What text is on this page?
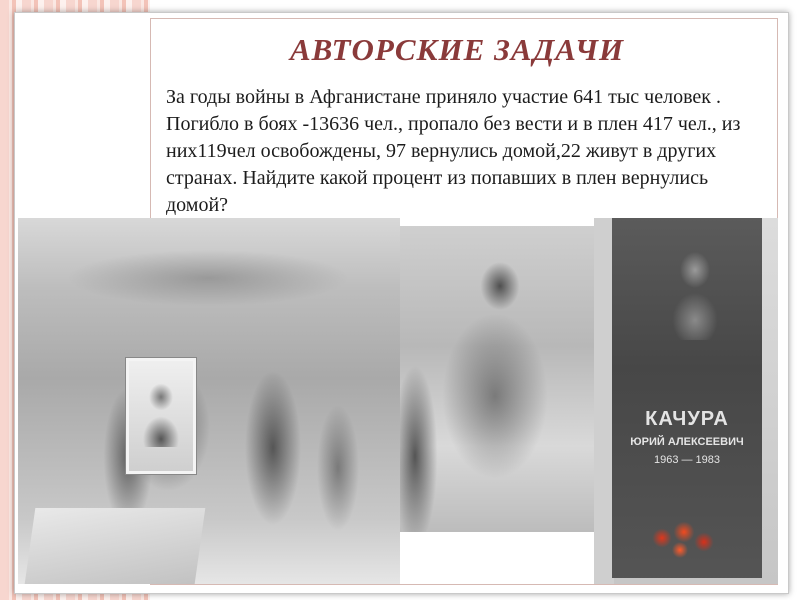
АВТОРСКИЕ ЗАДАЧИ
За годы войны в Афганистане приняло участие 641 тыс человек . Погибло в боях -13636 чел., пропало без вести и в плен 417 чел., из них119чел освобождены, 97 вернулись домой,22 живут в других странах. Найдите какой процент из попавших в плен вернулись домой?
КАЧУРА
ЮРИЙ АЛЕКСЕЕВИЧ
1963 — 1983
